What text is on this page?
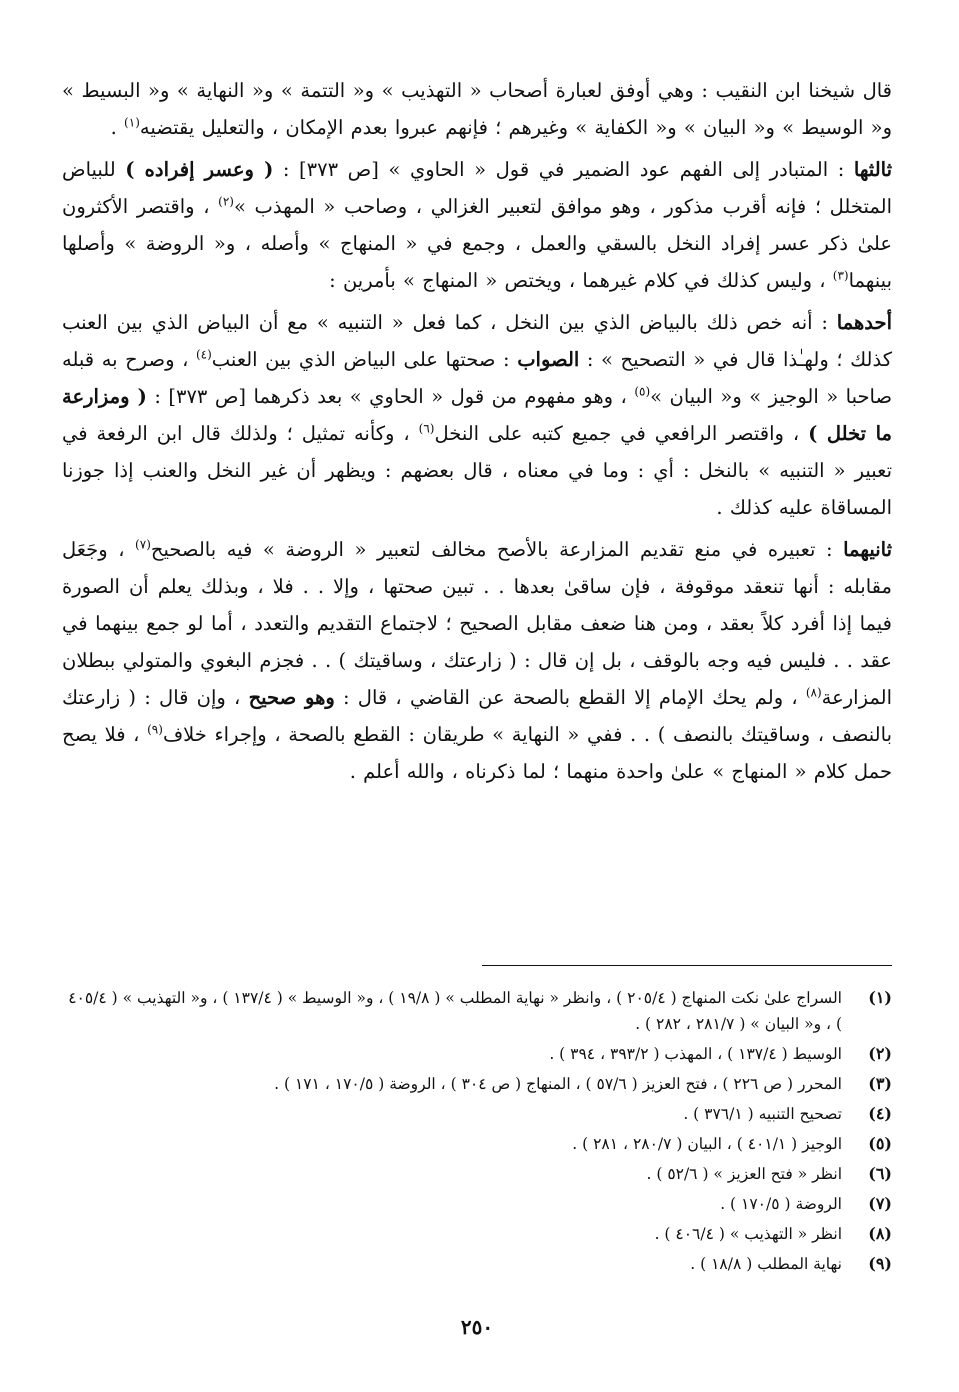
قال شيخنا ابن النقيب : وهي أوفق لعبارة أصحاب « التهذيب » و« التتمة » و« النهاية » و« البسيط » و« الوسيط » و« البيان » و« الكفاية » وغيرهم ؛ فإنهم عبروا بعدم الإمكان ، والتعليل يقتضيه$^{(١)}$ .

ثالثها : المتبادر إلى الفهم عود الضمير في قول « الحاوي » [ص ٣٧٣] : ( وعسر إفراده ) للبياض المتخلل ؛ فإنه أقرب مذكور ، وهو موافق لتعبير الغزالي ، وصاحب « المهذب »$^{(٢)}$ ، واقتصر الأكثرون علىٰ ذكر عسر إفراد النخل بالسقي والعمل ، وجمع في « المنهاج » وأصله ، و« الروضة » وأصلها بينهما$^{(٣)}$ ، وليس كذلك في كلام غيرهما ، ويختص « المنهاج » بأمرين :

أحدهما : أنه خص ذلك بالبياض الذي بين النخل ، كما فعل « التنبيه » مع أن البياض الذي بين العنب كذلك ؛ ولهـٰذا قال في « التصحيح » : الصواب : صحتها على البياض الذي بين العنب$^{(٤)}$ ، وصرح به قبله صاحبا « الوجيز » و« البيان »$^{(٥)}$ ، وهو مفهوم من قول « الحاوي » بعد ذكرهما [ص ٣٧٣] : ( ومزارعة ما تخلل ) ، واقتصر الرافعي في جميع كتبه على النخل$^{(٦)}$ ، وكأنه تمثيل ؛ ولذلك قال ابن الرفعة في تعبير « التنبيه » بالنخل : أي : وما في معناه ، قال بعضهم : ويظهر أن غير النخل والعنب إذا جوزنا المساقاة عليه كذلك .

ثانيهما : تعبيره في منع تقديم المزارعة بالأصح مخالف لتعبير « الروضة » فيه بالصحيح$^{(٧)}$ ، وجَعَل مقابله : أنها تنعقد موقوفة ، فإن ساقىٰ بعدها . . تبين صحتها ، وإلا . . فلا ، وبذلك يعلم أن الصورة فيما إذا أفرد كلاً بعقد ، ومن هنا ضعف مقابل الصحيح ؛ لاجتماع التقديم والتعدد ، أما لو جمع بينهما في عقد . . فليس فيه وجه بالوقف ، بل إن قال : ( زارعتك ، وساقيتك ) . . فجزم البغوي والمتولي ببطلان المزارعة$^{(٨)}$ ، ولم يحك الإمام إلا القطع بالصحة عن القاضي ، قال : وهو صحيح ، وإن قال : ( زارعتك بالنصف ، وساقيتك بالنصف ) . . ففي « النهاية » طريقان : القطع بالصحة ، وإجراء خلاف$^{(٩)}$ ، فلا يصح حمل كلام « المنهاج » علىٰ واحدة منهما ؛ لما ذكرناه ، والله أعلم .

(١)
السراج علىٰ نكت المنهاج ( ٢٠٥/٤ ) ، وانظر « نهاية المطلب » ( ١٩/٨ ) ، و« الوسيط » ( ١٣٧/٤ ) ، و« التهذيب » ( ٤٠٥/٤ ) ، و« البيان » ( ٢٨١/٧ ، ٢٨٢ ) .
(٢)
الوسيط ( ١٣٧/٤ ) ، المهذب ( ٣٩٣/٢ ، ٣٩٤ ) .
(٣)
المحرر ( ص ٢٢٦ ) ، فتح العزيز ( ٥٧/٦ ) ، المنهاج ( ص ٣٠٤ ) ، الروضة ( ١٧٠/٥ ، ١٧١ ) .
(٤)
تصحيح التنبيه ( ٣٧٦/١ ) .
(٥)
الوجيز ( ٤٠١/١ ) ، البيان ( ٢٨٠/٧ ، ٢٨١ ) .
(٦)
انظر « فتح العزيز » ( ٥٢/٦ ) .
(٧)
الروضة ( ١٧٠/٥ ) .
(٨)
انظر « التهذيب » ( ٤٠٦/٤ ) .
(٩)
نهاية المطلب ( ١٨/٨ ) .
٢٥٠
